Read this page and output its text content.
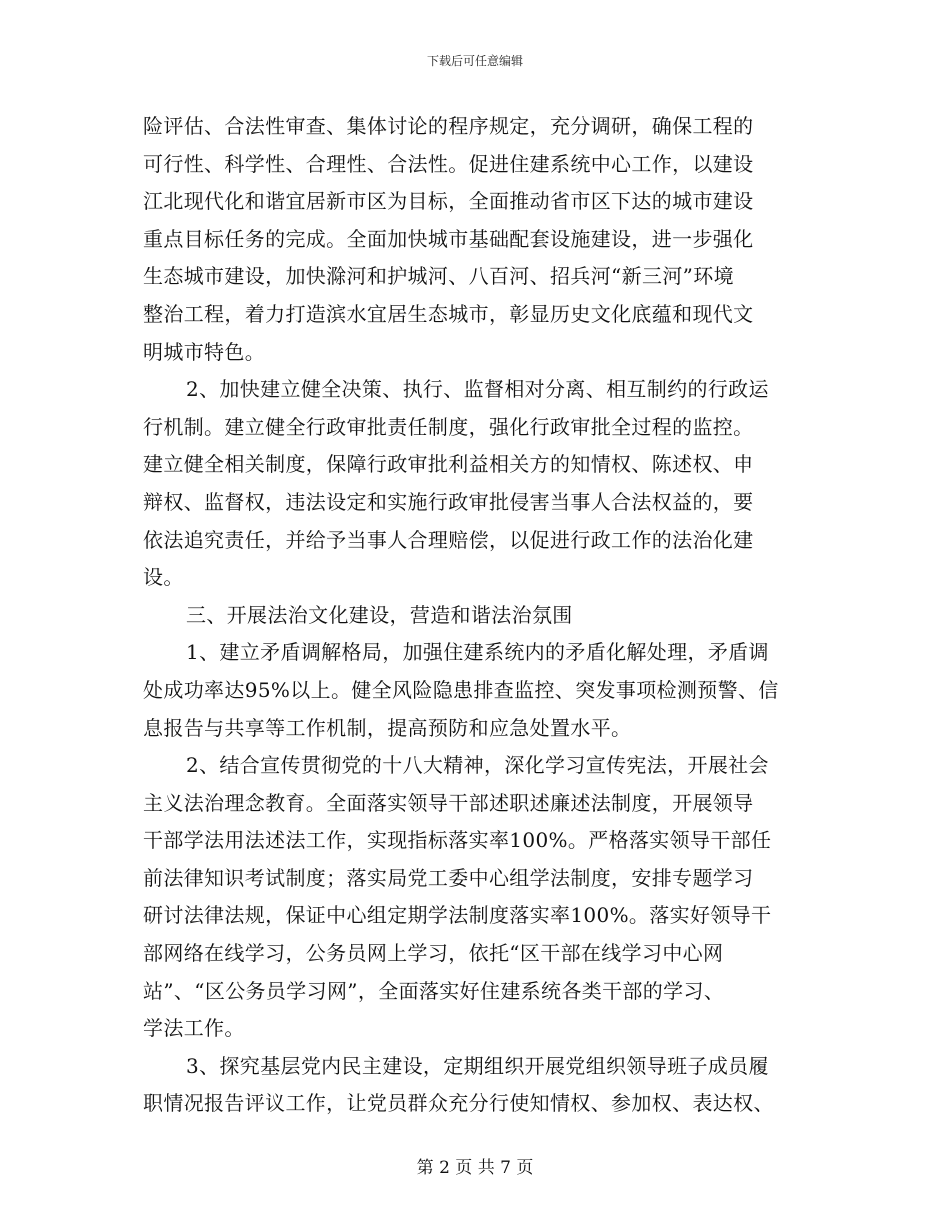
下载后可任意编辑
险评估、合法性审查、集体讨论的程序规定，充分调研，确保工程的
可行性、科学性、合理性、合法性。促进住建系统中心工作，以建设
江北现代化和谐宜居新市区为目标，全面推动省市区下达的城市建设
重点目标任务的完成。全面加快城市基础配套设施建设，进一步强化
生态城市建设，加快滁河和护城河、八百河、招兵河“新三河”环境
整治工程，着力打造滨水宜居生态城市，彰显历史文化底蕴和现代文
明城市特色。
2、加快建立健全决策、执行、监督相对分离、相互制约的行政运
行机制。建立健全行政审批责任制度，强化行政审批全过程的监控。
建立健全相关制度，保障行政审批利益相关方的知情权、陈述权、申
辩权、监督权，违法设定和实施行政审批侵害当事人合法权益的，要
依法追究责任，并给予当事人合理赔偿，以促进行政工作的法治化建
设。
三、开展法治文化建设，营造和谐法治氛围
1、建立矛盾调解格局，加强住建系统内的矛盾化解处理，矛盾调
处成功率达95%以上。健全风险隐患排查监控、突发事项检测预警、信
息报告与共享等工作机制，提高预防和应急处置水平。
2、结合宣传贯彻党的十八大精神，深化学习宣传宪法，开展社会
主义法治理念教育。全面落实领导干部述职述廉述法制度，开展领导
干部学法用法述法工作，实现指标落实率100%。严格落实领导干部任
前法律知识考试制度；落实局党工委中心组学法制度，安排专题学习
研讨法律法规，保证中心组定期学法制度落实率100%。落实好领导干
部网络在线学习，公务员网上学习，依托“区干部在线学习中心网
站”、“区公务员学习网”，全面落实好住建系统各类干部的学习、
学法工作。
3、探究基层党内民主建设，定期组织开展党组织领导班子成员履
职情况报告评议工作，让党员群众充分行使知情权、参加权、表达权、
第 2 页 共 7 页
